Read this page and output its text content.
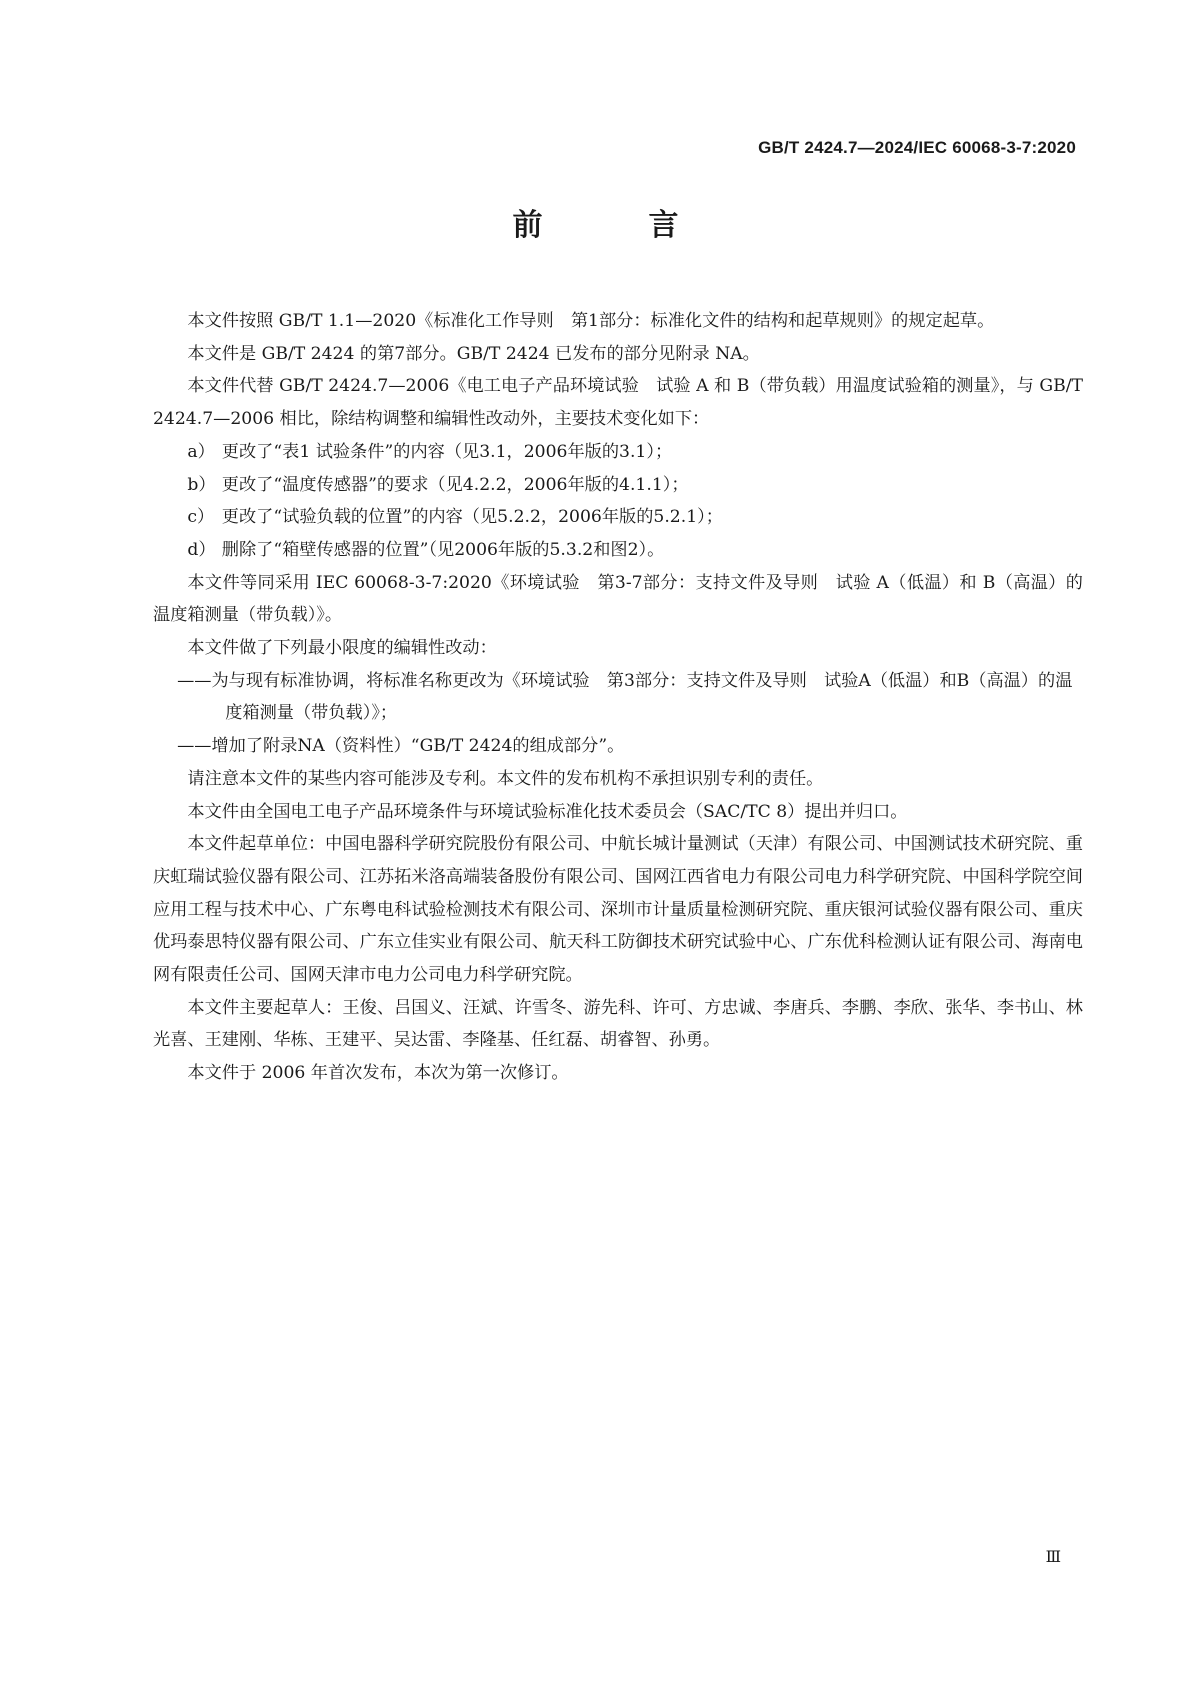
GB/T 2424.7—2024/IEC 60068-3-7:2020
前　言

本文件按照 GB/T 1.1—2020《标准化工作导则　第1部分：标准化文件的结构和起草规则》的规定起草。

本文件是 GB/T 2424 的第7部分。GB/T 2424 已发布的部分见附录 NA。

本文件代替 GB/T 2424.7—2006《电工电子产品环境试验　试验 A 和 B（带负载）用温度试验箱的测量》，与 GB/T 2424.7—2006 相比，除结构调整和编辑性改动外，主要技术变化如下：

a） 更改了“表1 试验条件”的内容（见3.1，2006年版的3.1）；

b） 更改了“温度传感器”的要求（见4.2.2，2006年版的4.1.1）；

c） 更改了“试验负载的位置”的内容（见5.2.2，2006年版的5.2.1）；

d） 删除了“箱壁传感器的位置”（见2006年版的5.3.2和图2）。

本文件等同采用 IEC 60068-3-7:2020《环境试验　第3-7部分：支持文件及导则　试验 A（低温）和 B（高温）的温度箱测量（带负载）》。

本文件做了下列最小限度的编辑性改动：

——为与现有标准协调，将标准名称更改为《环境试验　第3部分：支持文件及导则　试验A（低温）和B（高温）的温度箱测量（带负载）》；

——增加了附录NA（资料性）“GB/T 2424的组成部分”。

请注意本文件的某些内容可能涉及专利。本文件的发布机构不承担识别专利的责任。

本文件由全国电工电子产品环境条件与环境试验标准化技术委员会（SAC/TC 8）提出并归口。

本文件起草单位：中国电器科学研究院股份有限公司、中航长城计量测试（天津）有限公司、中国测试技术研究院、重庆虹瑞试验仪器有限公司、江苏拓米洛高端装备股份有限公司、国网江西省电力有限公司电力科学研究院、中国科学院空间应用工程与技术中心、广东粤电科试验检测技术有限公司、深圳市计量质量检测研究院、重庆银河试验仪器有限公司、重庆优玛泰思特仪器有限公司、广东立佳实业有限公司、航天科工防御技术研究试验中心、广东优科检测认证有限公司、海南电网有限责任公司、国网天津市电力公司电力科学研究院。

本文件主要起草人：王俊、吕国义、汪斌、许雪冬、游先科、许可、方忠诚、李唐兵、李鹏、李欣、张华、李书山、林光喜、王建刚、华栋、王建平、吴达雷、李隆基、任红磊、胡睿智、孙勇。

本文件于 2006 年首次发布，本次为第一次修订。

Ⅲ
